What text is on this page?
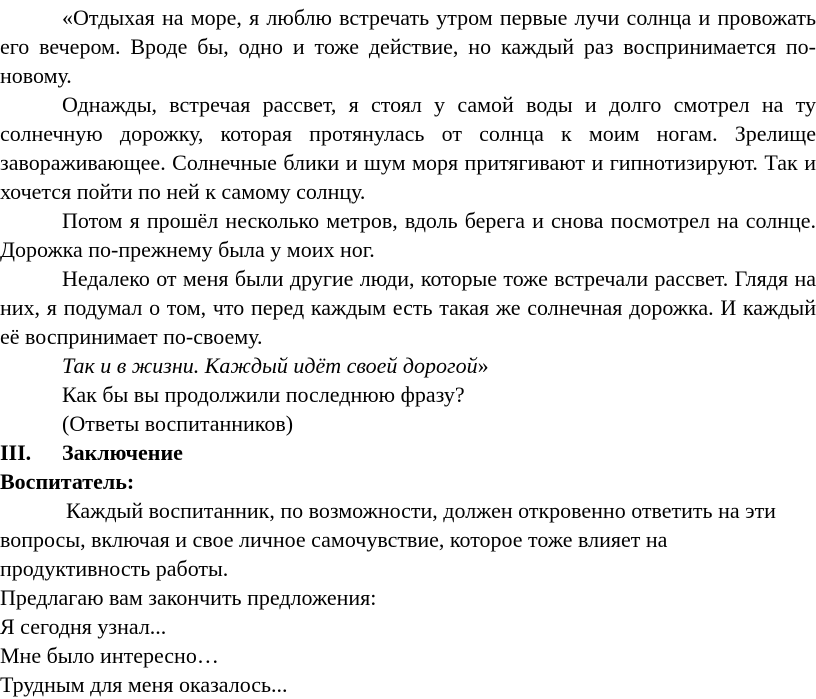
«Отдыхая на море, я люблю встречать утром первые лучи солнца и провожать его вечером. Вроде бы, одно и тоже действие, но каждый раз воспринимается по-новому.

Однажды, встречая рассвет, я стоял у самой воды и долго смотрел на ту солнечную дорожку, которая протянулась от солнца к моим ногам. Зрелище завораживающее. Солнечные блики и шум моря притягивают и гипнотизируют. Так и хочется пойти по ней к самому солнцу.

Потом я прошёл несколько метров, вдоль берега и снова посмотрел на солнце. Дорожка по-прежнему была у моих ног.

Недалеко от меня были другие люди, которые тоже встречали рассвет. Глядя на них, я подумал о том, что перед каждым есть такая же солнечная дорожка. И каждый её воспринимает по-своему.

Так и в жизни. Каждый идёт своей дорогой»

Как бы вы продолжили последнюю фразу?

(Ответы воспитанников)

III.	Заключение

Воспитатель:

Каждый воспитанник, по возможности, должен откровенно ответить на эти вопросы, включая и свое личное самочувствие, которое тоже влияет на продуктивность работы.

Предлагаю вам закончить предложения:

Я сегодня узнал...

Мне было интересно…

Трудным для меня оказалось...
